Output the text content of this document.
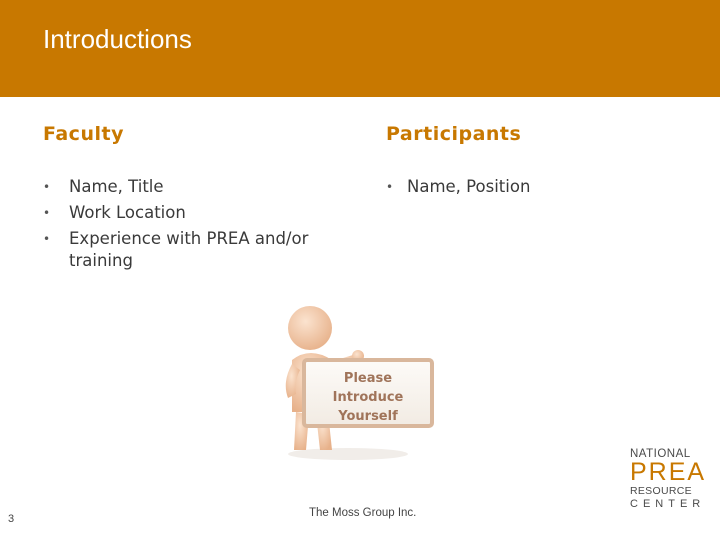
Introductions
Faculty
• Name, Title
• Work Location
• Experience with PREA and/or training
Participants
• Name, Position
Please
Introduce
Yourself
3	The Moss Group Inc.
NATIONAL
PREA
RESOURCE
CENTER
